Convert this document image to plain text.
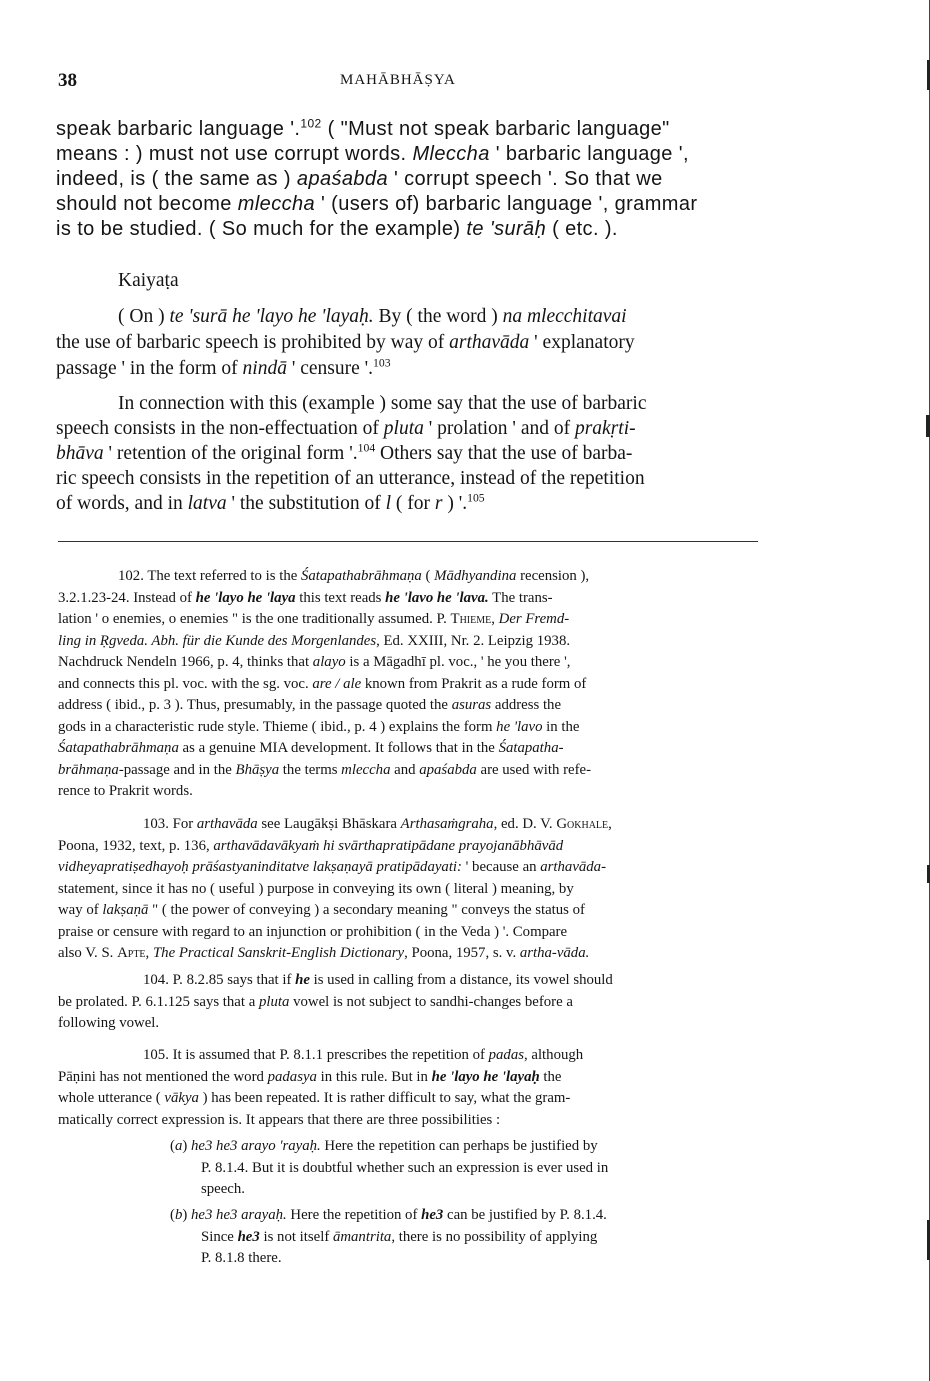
38	MAHĀBHĀṢYA
speak barbaric language '.$^{102}$ ( "Must not speak barbaric language"
means : ) must not use corrupt words. Mleccha ' barbaric language ',
indeed, is ( the same as ) apaśabda ' corrupt speech '. So that we
should not become mleccha ' (users of) barbaric language ', grammar
is to be studied. ( So much for the example) te 'surāḥ ( etc. ).
Kaiyaṭa
( On ) te 'surā he 'layo he 'layaḥ. By ( the word ) na mlecchitavai
the use of barbaric speech is prohibited by way of arthavāda ' explanatory
passage ' in the form of nindā ' censure '.$^{103}$
In connection with this (example ) some say that the use of barbaric
speech consists in the non-effectuation of pluta ' prolation ' and of prakṛti-
bhāva ' retention of the original form '.$^{104}$ Others say that the use of barba-
ric speech consists in the repetition of an utterance, instead of the repetition
of words, and in latva ' the substitution of l ( for r ) '.$^{105}$
102. The text referred to is the Śatapathabrāhmaṇa ( Mādhyandina recension ),
3.2.1.23-24. Instead of he 'layo he 'laya this text reads he 'lavo he 'lava. The trans-
lation ' o enemies, o enemies " is the one traditionally assumed. P. Thieme, Der Fremd-
ling in Ṛgveda. Abh. für die Kunde des Morgenlandes, Ed. XXIII, Nr. 2. Leipzig 1938.
Nachdruck Nendeln 1966, p. 4, thinks that alayo is a Māgadhī pl. voc., ' he you there ',
and connects this pl. voc. with the sg. voc. are / ale known from Prakrit as a rude form of
address ( ibid., p. 3 ). Thus, presumably, in the passage quoted the asuras address the
gods in a characteristic rude style. Thieme ( ibid., p. 4 ) explains the form he 'lavo in the
Śatapathabrāhmaṇa as a genuine MIA development. It follows that in the Śatapatha-
brāhmaṇa-passage and in the Bhāṣya the terms mleccha and apaśabda are used with refe-
rence to Prakrit words.
103. For arthavāda see Laugākṣi Bhāskara Arthasaṁgraha, ed. D. V. Gokhale,
Poona, 1932, text, p. 136, arthavādavākyaṁ hi svārthapratipādane prayojanābhāvād
vidheyapratiṣedhayoḥ prāśastyaninditatve lakṣaṇayā pratipādayati: ' because an arthavāda-
statement, since it has no ( useful ) purpose in conveying its own ( literal ) meaning, by
way of lakṣaṇā " ( the power of conveying ) a secondary meaning " conveys the status of
praise or censure with regard to an injunction or prohibition ( in the Veda ) '. Compare
also V. S. Apte, The Practical Sanskrit-English Dictionary, Poona, 1957, s. v. artha-vāda.
104. P. 8.2.85 says that if he is used in calling from a distance, its vowel should
be prolated. P. 6.1.125 says that a pluta vowel is not subject to sandhi-changes before a
following vowel.
105. It is assumed that P. 8.1.1 prescribes the repetition of padas, although
Pāṇini has not mentioned the word padasya in this rule. But in he 'layo he 'layaḥ the
whole utterance ( vākya ) has been repeated. It is rather difficult to say, what the gram-
matically correct expression is. It appears that there are three possibilities :
(a) he3 he3 arayo 'rayaḥ. Here the repetition can perhaps be justified by
P. 8.1.4. But it is doubtful whether such an expression is ever used in
speech.
(b) he3 he3 arayaḥ. Here the repetition of he3 can be justified by P. 8.1.4.
Since he3 is not itself āmantrita, there is no possibility of applying
P. 8.1.8 there.
